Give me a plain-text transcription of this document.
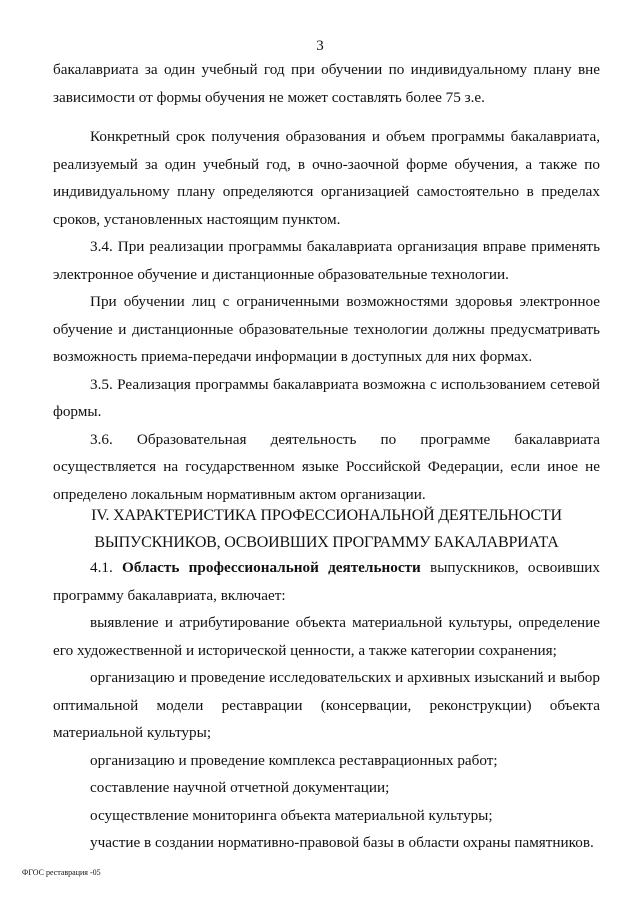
3

бакалавриата за один учебный год при обучении по индивидуальному плану вне зависимости от формы обучения не может составлять более 75 з.е.

Конкретный срок получения образования и объем программы бакалавриата, реализуемый за один учебный год, в очно-заочной форме обучения, а также по индивидуальному плану определяются организацией самостоятельно в пределах сроков, установленных настоящим пунктом.

3.4. При реализации программы бакалавриата организация вправе применять электронное обучение и дистанционные образовательные технологии.

При обучении лиц с ограниченными возможностями здоровья электронное обучение и дистанционные образовательные технологии должны предусматривать возможность приема-передачи информации в доступных для них формах.

3.5. Реализация программы бакалавриата возможна с использованием сетевой формы.

3.6. Образовательная деятельность по программе бакалавриата осуществляется на государственном языке Российской Федерации, если иное не определено локальным нормативным актом организации.

IV. ХАРАКТЕРИСТИКА ПРОФЕССИОНАЛЬНОЙ ДЕЯТЕЛЬНОСТИ
ВЫПУСКНИКОВ, ОСВОИВШИХ ПРОГРАММУ БАКАЛАВРИАТА

4.1. Область профессиональной деятельности выпускников, освоивших программу бакалавриата, включает:

выявление и атрибутирование объекта материальной культуры, определение его художественной и исторической ценности, а также категории сохранения;

организацию и проведение исследовательских и архивных изысканий и выбор оптимальной модели реставрации (консервации, реконструкции) объекта материальной культуры;

организацию и проведение комплекса реставрационных работ;

составление научной отчетной документации;

осуществление мониторинга объекта материальной культуры;

участие в создании нормативно-правовой базы в области охраны памятников.

ФГОС реставрация -05
